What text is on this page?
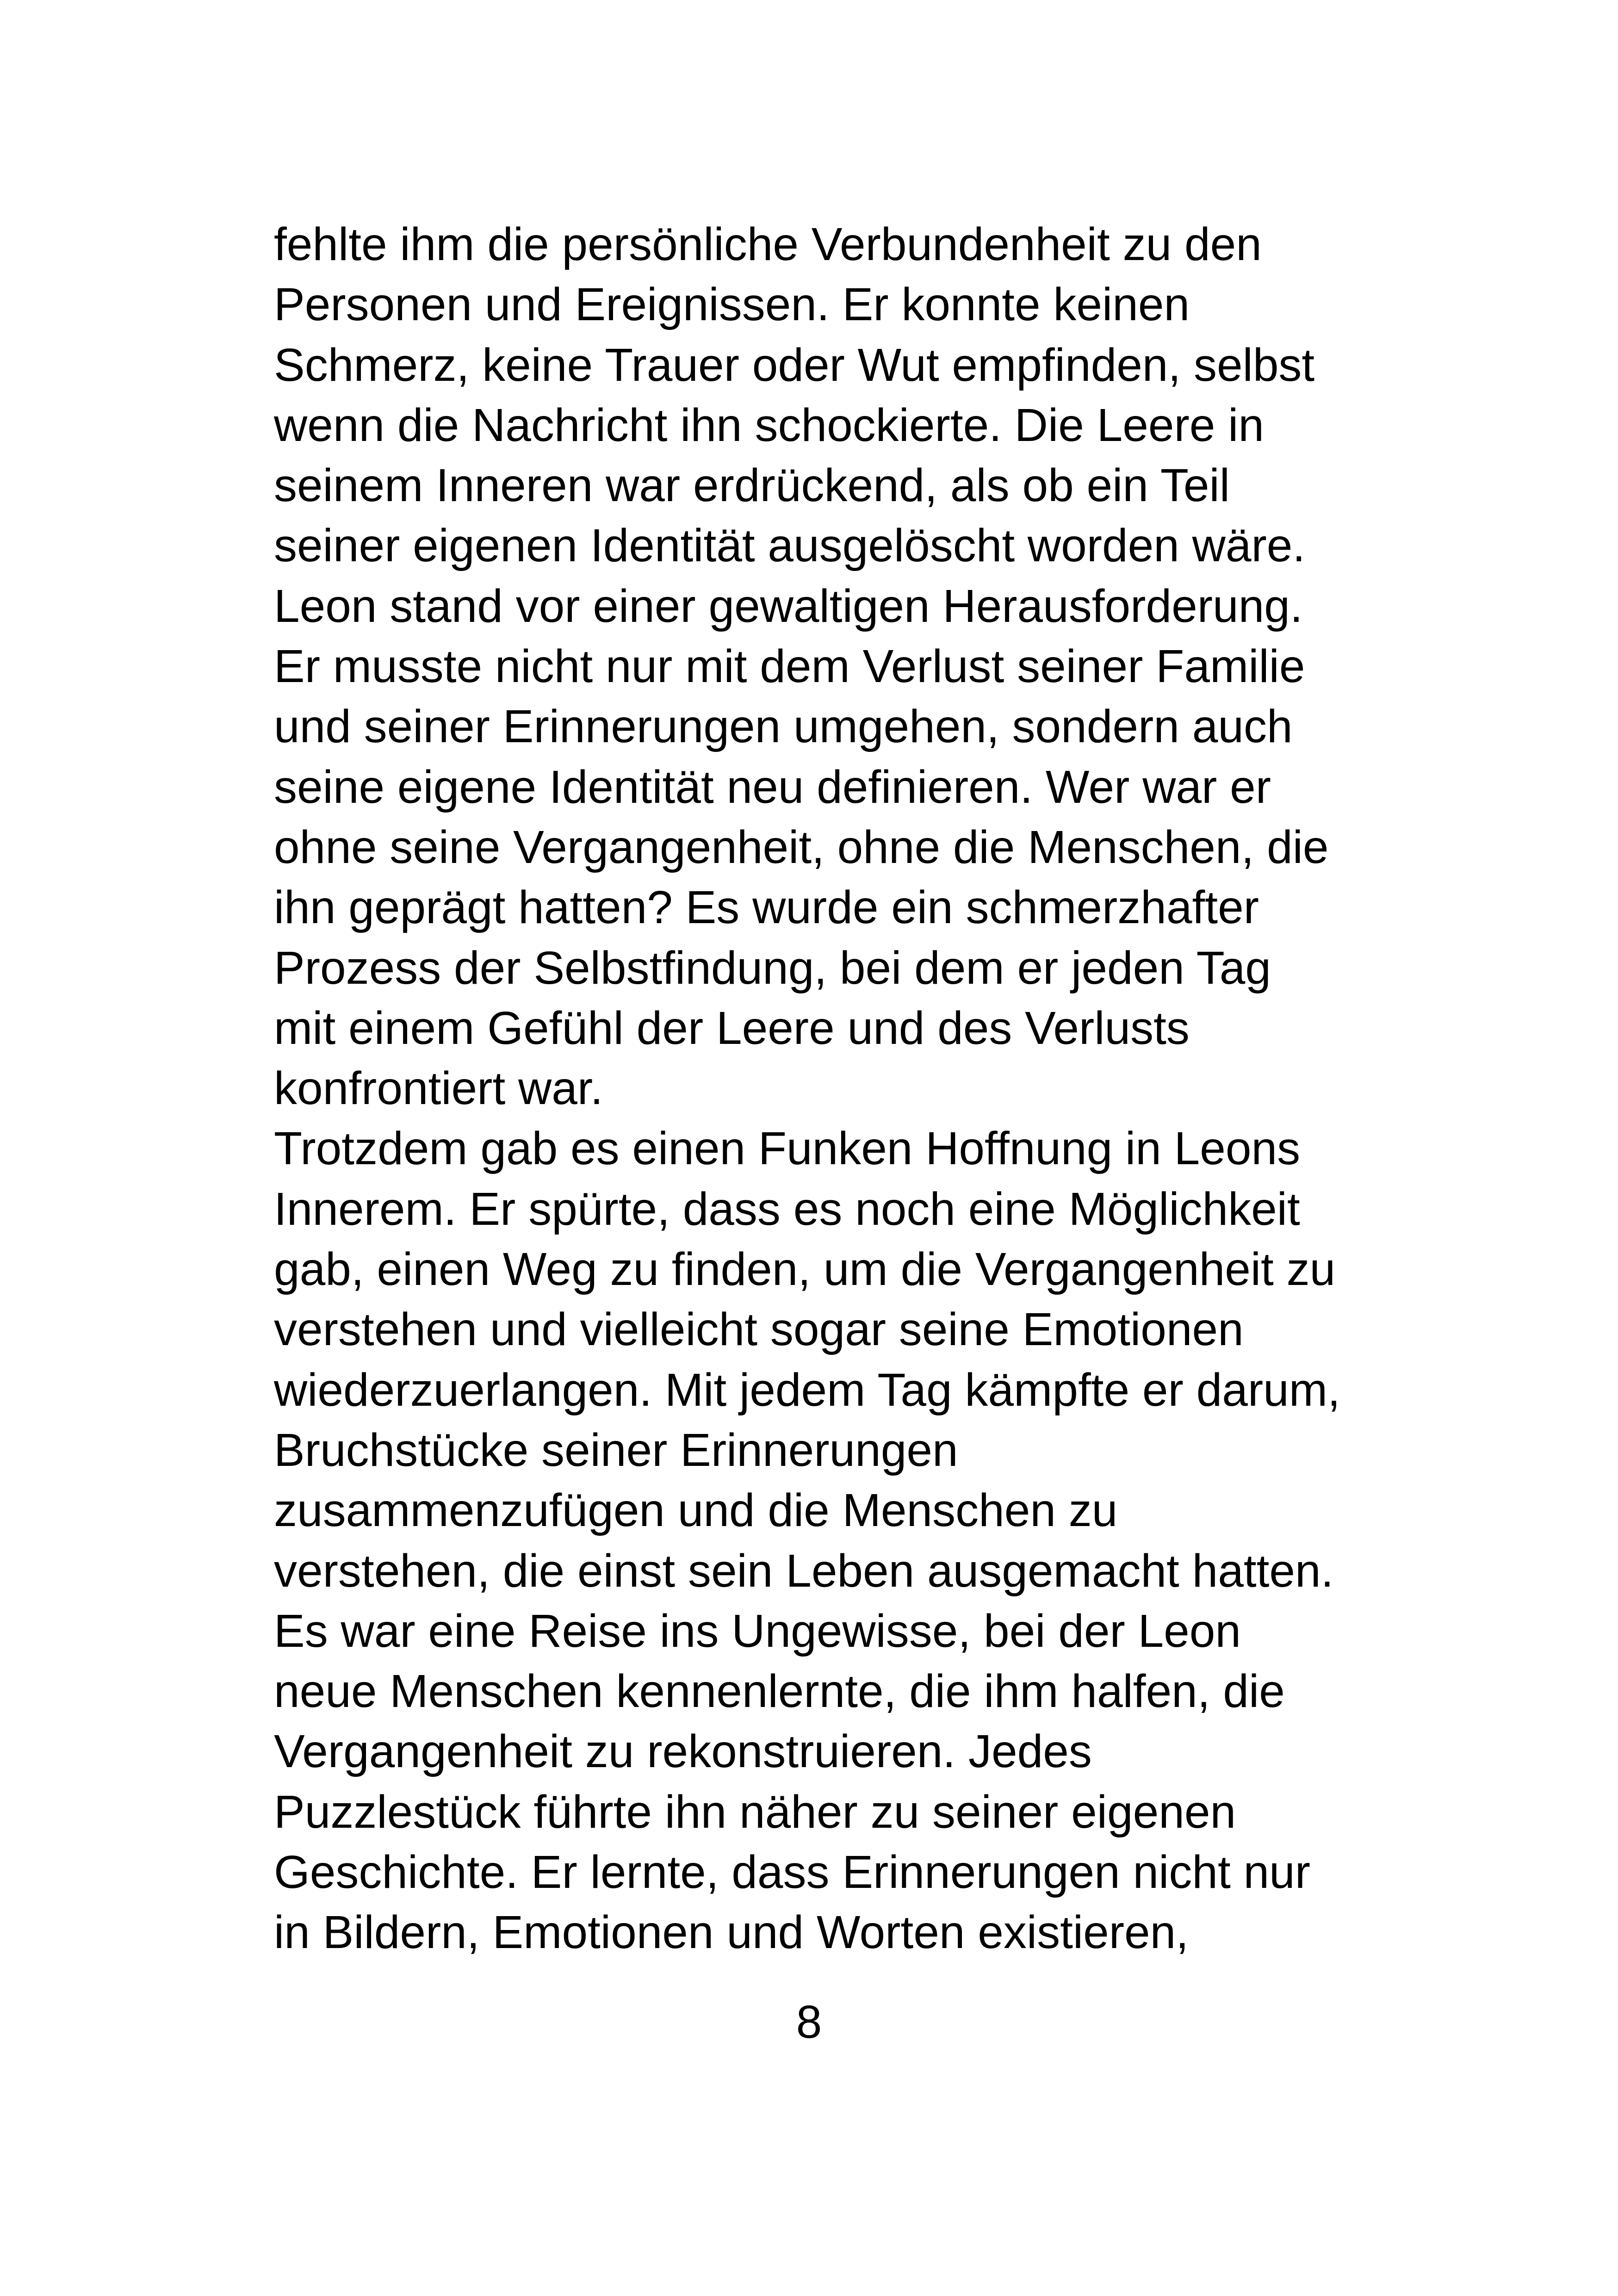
fehlte ihm die persönliche Verbundenheit zu den
Personen und Ereignissen. Er konnte keinen
Schmerz, keine Trauer oder Wut empfinden, selbst
wenn die Nachricht ihn schockierte. Die Leere in
seinem Inneren war erdrückend, als ob ein Teil
seiner eigenen Identität ausgelöscht worden wäre.
Leon stand vor einer gewaltigen Herausforderung.
Er musste nicht nur mit dem Verlust seiner Familie
und seiner Erinnerungen umgehen, sondern auch
seine eigene Identität neu definieren. Wer war er
ohne seine Vergangenheit, ohne die Menschen, die
ihn geprägt hatten? Es wurde ein schmerzhafter
Prozess der Selbstfindung, bei dem er jeden Tag
mit einem Gefühl der Leere und des Verlusts
konfrontiert war.
Trotzdem gab es einen Funken Hoffnung in Leons
Innerem. Er spürte, dass es noch eine Möglichkeit
gab, einen Weg zu finden, um die Vergangenheit zu
verstehen und vielleicht sogar seine Emotionen
wiederzuerlangen. Mit jedem Tag kämpfte er darum,
Bruchstücke seiner Erinnerungen
zusammenzufügen und die Menschen zu
verstehen, die einst sein Leben ausgemacht hatten.
Es war eine Reise ins Ungewisse, bei der Leon
neue Menschen kennenlernte, die ihm halfen, die
Vergangenheit zu rekonstruieren. Jedes
Puzzlestück führte ihn näher zu seiner eigenen
Geschichte. Er lernte, dass Erinnerungen nicht nur
in Bildern, Emotionen und Worten existieren,
8
